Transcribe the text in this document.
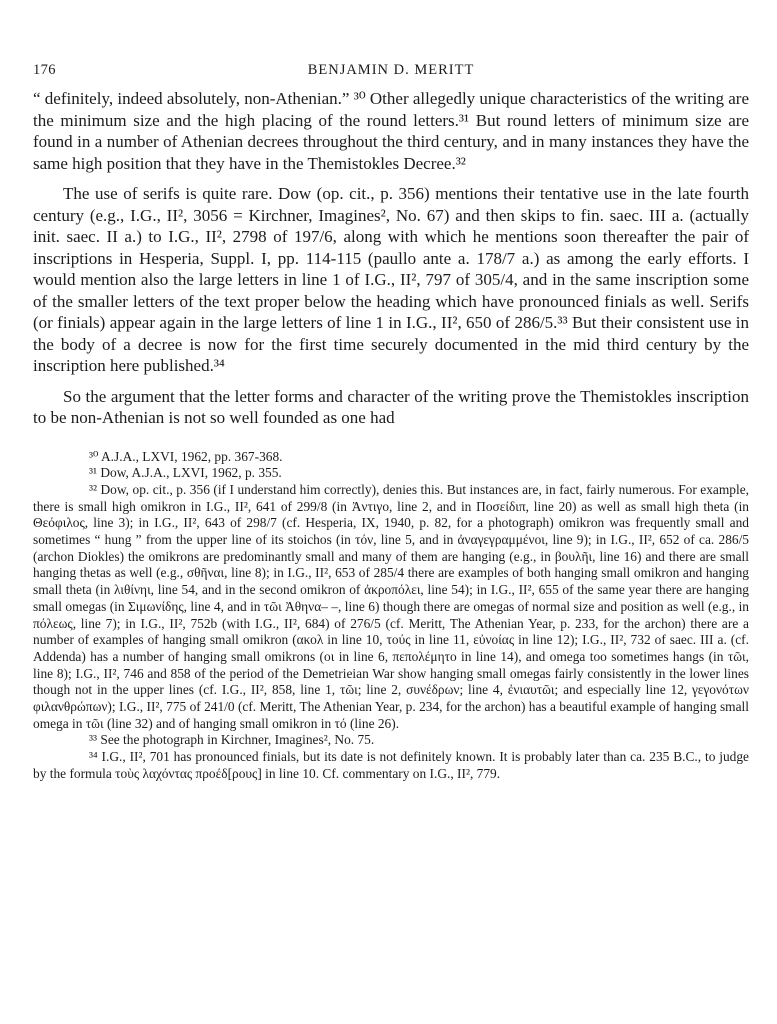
176	BENJAMIN D. MERITT

“ definitely, indeed absolutely, non-Athenian.” ³⁰ Other allegedly unique characteristics of the writing are the minimum size and the high placing of the round letters.³¹ But round letters of minimum size are found in a number of Athenian decrees throughout the third century, and in many instances they have the same high position that they have in the Themistokles Decree.³²

The use of serifs is quite rare. Dow (op. cit., p. 356) mentions their tentative use in the late fourth century (e.g., I.G., II², 3056 = Kirchner, Imagines², No. 67) and then skips to fin. saec. III a. (actually init. saec. II a.) to I.G., II², 2798 of 197/6, along with which he mentions soon thereafter the pair of inscriptions in Hesperia, Suppl. I, pp. 114-115 (paullo ante a. 178/7 a.) as among the early efforts. I would mention also the large letters in line 1 of I.G., II², 797 of 305/4, and in the same inscription some of the smaller letters of the text proper below the heading which have pronounced finials as well. Serifs (or finials) appear again in the large letters of line 1 in I.G., II², 650 of 286/5.³³ But their consistent use in the body of a decree is now for the first time securely documented in the mid third century by the inscription here published.³⁴

So the argument that the letter forms and character of the writing prove the Themistokles inscription to be non-Athenian is not so well founded as one had

³⁰ A.J.A., LXVI, 1962, pp. 367-368.

³¹ Dow, A.J.A., LXVI, 1962, p. 355.

³² Dow, op. cit., p. 356 (if I understand him correctly), denies this. But instances are, in fact, fairly numerous. For example, there is small high omikron in I.G., II², 641 of 299/8 (in Ἀντιγο, line 2, and in Ποσείδιπ, line 20) as well as small high theta (in Θεόφιλος, line 3); in I.G., II², 643 of 298/7 (cf. Hesperia, IX, 1940, p. 82, for a photograph) omikron was frequently small and sometimes “ hung ” from the upper line of its stoichos (in τόν, line 5, and in ἀναγεγραμμένοι, line 9); in I.G., II², 652 of ca. 286/5 (archon Diokles) the omikrons are predominantly small and many of them are hanging (e.g., in βουλῆι, line 16) and there are small hanging thetas as well (e.g., σθῆναι, line 8); in I.G., II², 653 of 285/4 there are examples of both hanging small omikron and hanging small theta (in λιθίνηι, line 54, and in the second omikron of ἀκροπόλει, line 54); in I.G., II², 655 of the same year there are hanging small omegas (in Σιμωνίδης, line 4, and in τῶι Ἀθηνα– –, line 6) though there are omegas of normal size and position as well (e.g., in πόλεως, line 7); in I.G., II², 752b (with I.G., II², 684) of 276/5 (cf. Meritt, The Athenian Year, p. 233, for the archon) there are a number of examples of hanging small omikron (ακολ in line 10, τούς in line 11, εὐνοίας in line 12); I.G., II², 732 of saec. III a. (cf. Addenda) has a number of hanging small omikrons (οι in line 6, πεπολέμητο in line 14), and omega too sometimes hangs (in τῶι, line 8); I.G., II², 746 and 858 of the period of the Demetrieian War show hanging small omegas fairly consistently in the lower lines though not in the upper lines (cf. I.G., II², 858, line 1, τῶι; line 2, συνέδρων; line 4, ἐνιαυτῶι; and especially line 12, γεγονότων φιλανθρώπων); I.G., II², 775 of 241/0 (cf. Meritt, The Athenian Year, p. 234, for the archon) has a beautiful example of hanging small omega in τῶι (line 32) and of hanging small omikron in τό (line 26).

³³ See the photograph in Kirchner, Imagines², No. 75.

³⁴ I.G., II², 701 has pronounced finials, but its date is not definitely known. It is probably later than ca. 235 B.C., to judge by the formula τοὺς λαχόντας προέδ[ρους] in line 10. Cf. commentary on I.G., II², 779.
